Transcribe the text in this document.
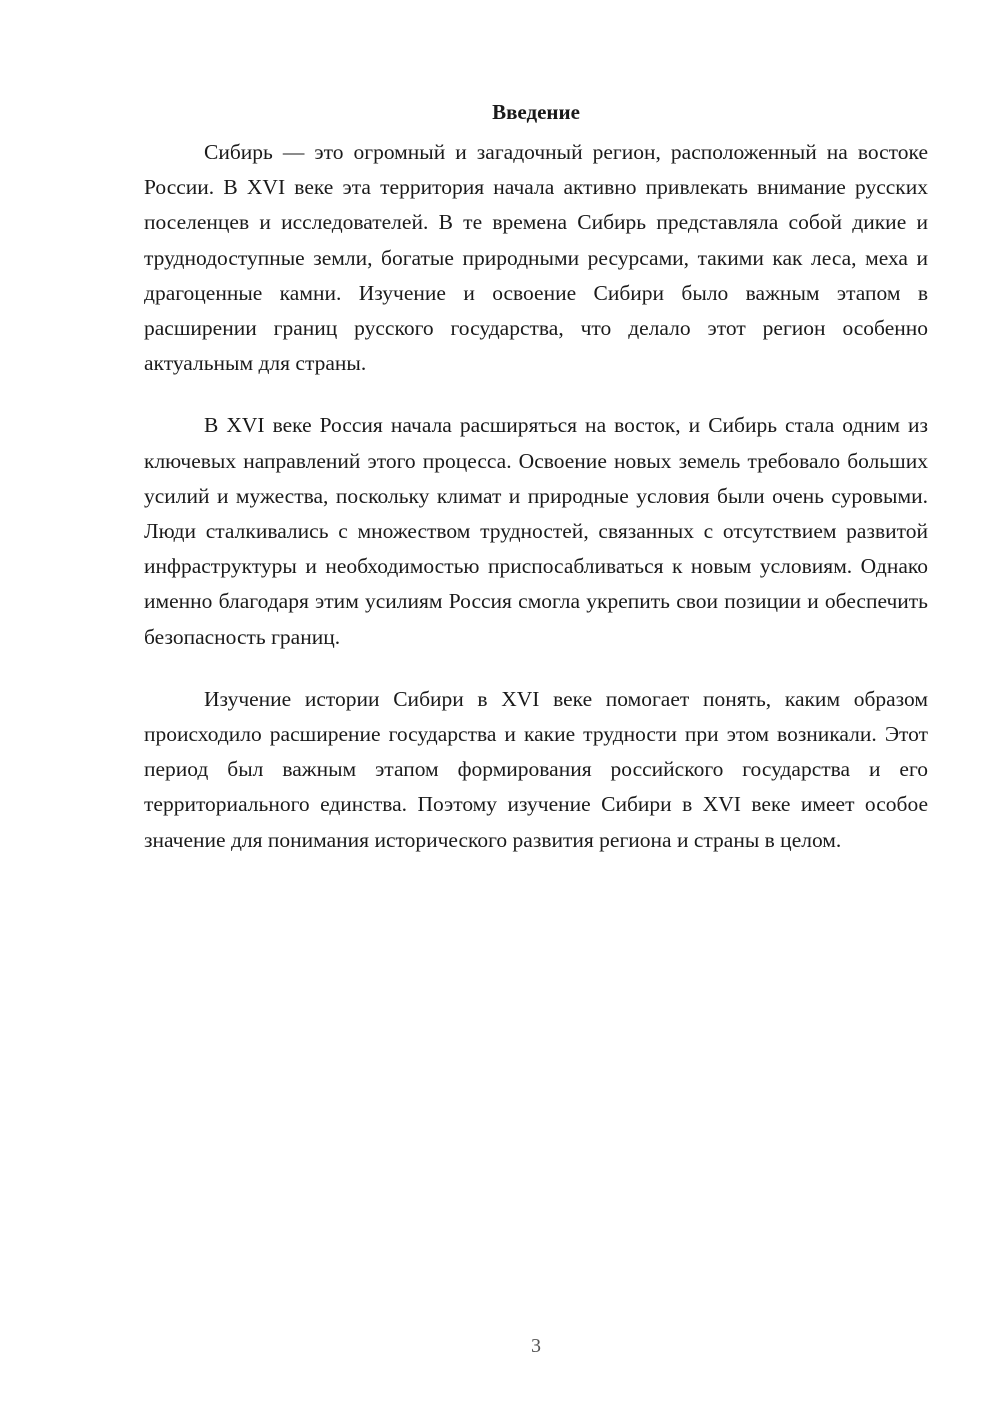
Введение

Сибирь — это огромный и загадочный регион, расположенный на востоке России. В XVI веке эта территория начала активно привлекать внимание русских поселенцев и исследователей. В те времена Сибирь представляла собой дикие и труднодоступные земли, богатые природными ресурсами, такими как леса, меха и драгоценные камни. Изучение и освоение Сибири было важным этапом в расширении границ русского государства, что делало этот регион особенно актуальным для страны.

В XVI веке Россия начала расширяться на восток, и Сибирь стала одним из ключевых направлений этого процесса. Освоение новых земель требовало больших усилий и мужества, поскольку климат и природные условия были очень суровыми. Люди сталкивались с множеством трудностей, связанных с отсутствием развитой инфраструктуры и необходимостью приспосабливаться к новым условиям. Однако именно благодаря этим усилиям Россия смогла укрепить свои позиции и обеспечить безопасность границ.

Изучение истории Сибири в XVI веке помогает понять, каким образом происходило расширение государства и какие трудности при этом возникали. Этот период был важным этапом формирования российского государства и его территориального единства. Поэтому изучение Сибири в XVI веке имеет особое значение для понимания исторического развития региона и страны в целом.

3
